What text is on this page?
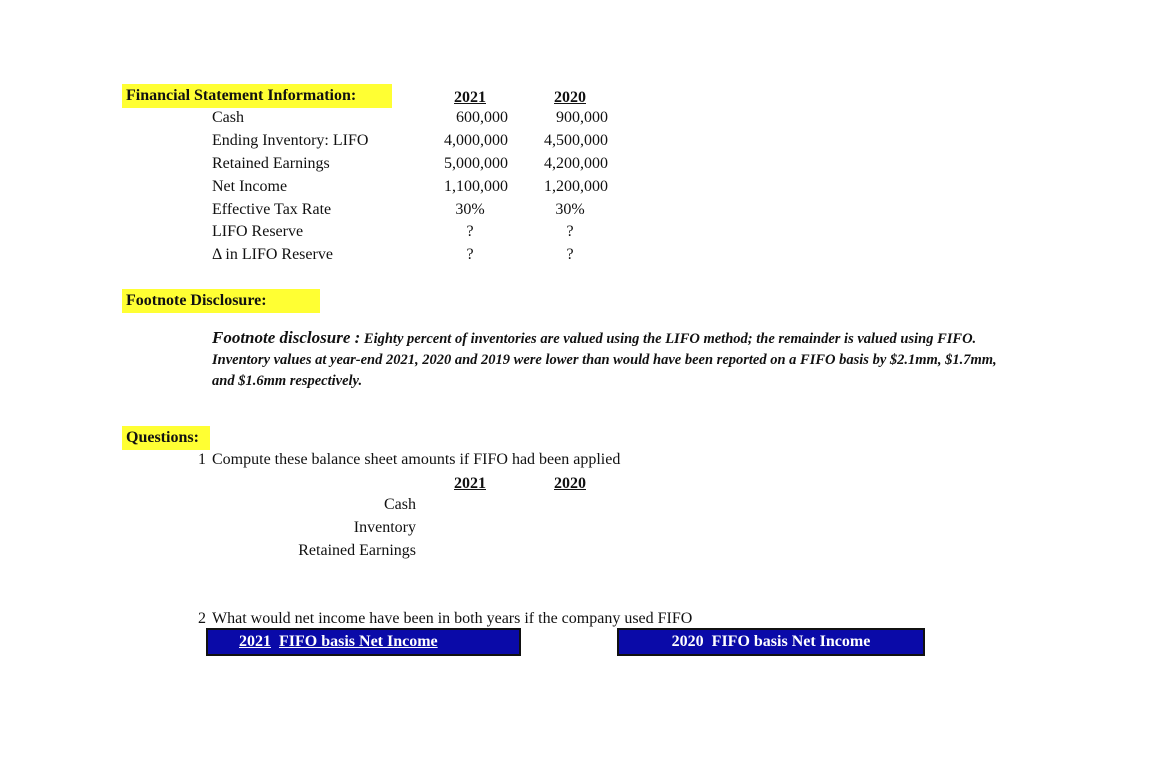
Financial Statement Information:	2021	2020
Cash	600,000	900,000
Ending Inventory: LIFO	4,000,000	4,500,000
Retained Earnings	5,000,000	4,200,000
Net Income	1,100,000	1,200,000
Effective Tax Rate	30%	30%
LIFO Reserve	?	?
Δ in LIFO Reserve	?	?
Footnote Disclosure:
Footnote disclosure : Eighty percent of inventories are valued using the LIFO method; the remainder is valued using FIFO. Inventory values at year-end 2021, 2020 and 2019 were lower than would have been reported on a FIFO basis by $2.1mm, $1.7mm, and $1.6mm respectively.
Questions:
1 Compute these balance sheet amounts if FIFO had been applied
2021	2020
Cash
Inventory
Retained Earnings
2 What would net income have been in both years if the company used FIFO
2021 FIFO basis Net Income	2020  FIFO basis Net Income
